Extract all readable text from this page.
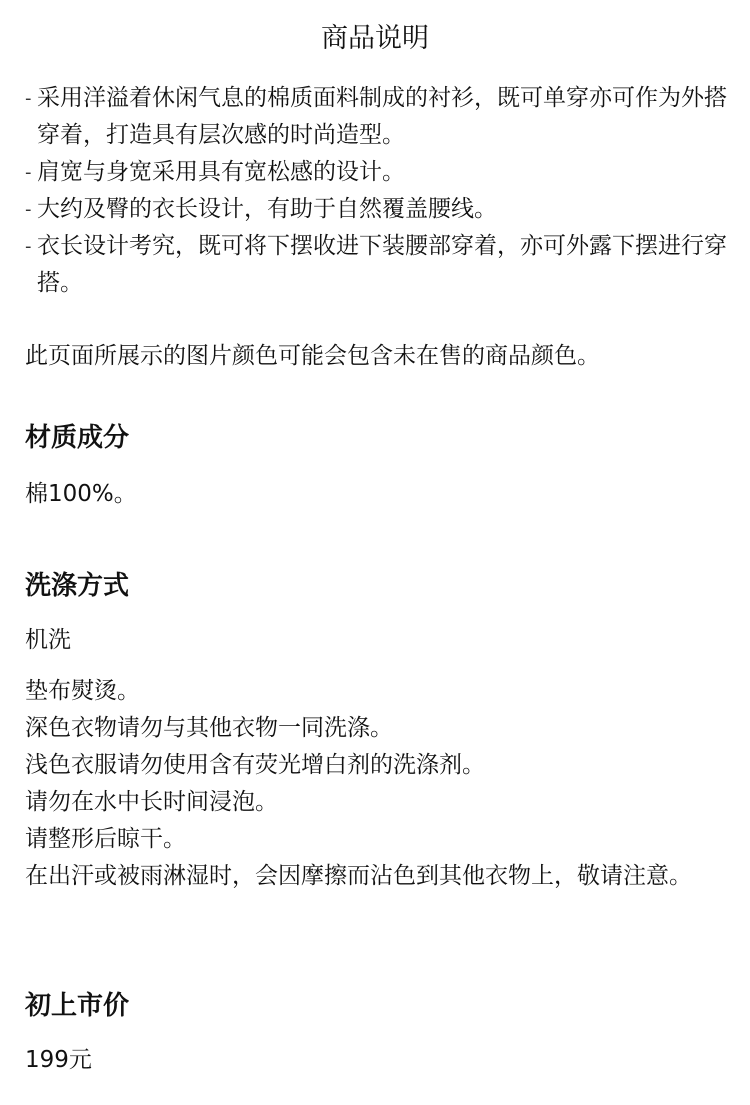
商品说明
- 采用洋溢着休闲气息的棉质面料制成的衬衫，既可单穿亦可作为外搭穿着，打造具有层次感的时尚造型。
- 肩宽与身宽采用具有宽松感的设计。
- 大约及臀的衣长设计，有助于自然覆盖腰线。
- 衣长设计考究，既可将下摆收进下装腰部穿着，亦可外露下摆进行穿搭。
此页面所展示的图片颜色可能会包含未在售的商品颜色。
材质成分
棉100%。
洗涤方式
机洗
垫布熨烫。
深色衣物请勿与其他衣物一同洗涤。
浅色衣服请勿使用含有荧光增白剂的洗涤剂。
请勿在水中长时间浸泡。
请整形后晾干。
在出汗或被雨淋湿时，会因摩擦而沾色到其他衣物上，敬请注意。
初上市价
199元
